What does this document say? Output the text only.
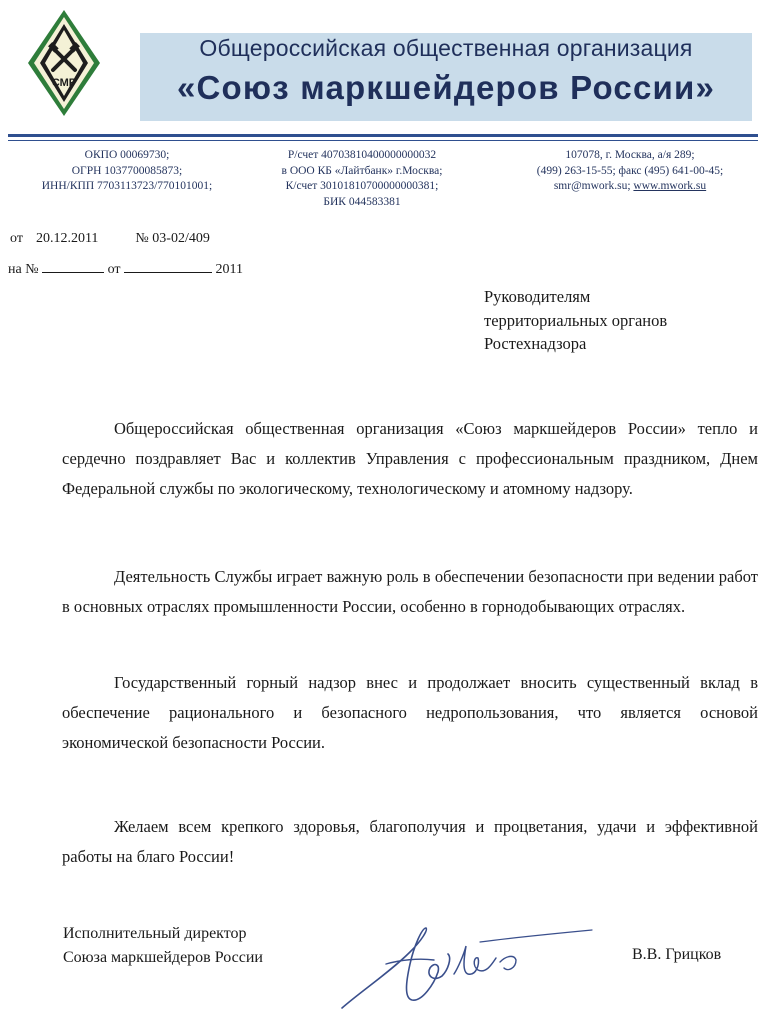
СМР
Общероссийская общественная организация
«Союз маркшейдеров России»
ОКПО 00069730;
ОГРН 1037700085873;
ИНН/КПП 7703113723/770101001;
Р/счет 40703810400000000032
в ООО КБ «Лайтбанк» г.Москва;
К/счет 30101810700000000381;
БИК 044583381
107078, г. Москва, а/я 289;
(499) 263-15-55; факс (495) 641-00-45;
smr@mwork.su; www.mwork.su
от 20.12.2011	№ 03-02/409
на №	от	2011
Руководителям
территориальных органов
Ростехнадзора

Общероссийская общественная организация «Союз маркшейдеров России» тепло и сердечно поздравляет Вас и коллектив Управления с профессиональным праздником, Днем Федеральной службы по экологическому, технологическому и атомному надзору.

Деятельность Службы играет важную роль в обеспечении безопасности при ведении работ в основных отраслях промышленности России, особенно в горнодобывающих отраслях.

Государственный горный надзор внес и продолжает вносить существенный вклад в обеспечение рационального и безопасного недропользования, что является основой экономической безопасности России.

Желаем всем крепкого здоровья, благополучия и процветания, удачи и эффективной работы на благо России!

Исполнительный директор
Союза маркшейдеров России	В.В. Грицков
